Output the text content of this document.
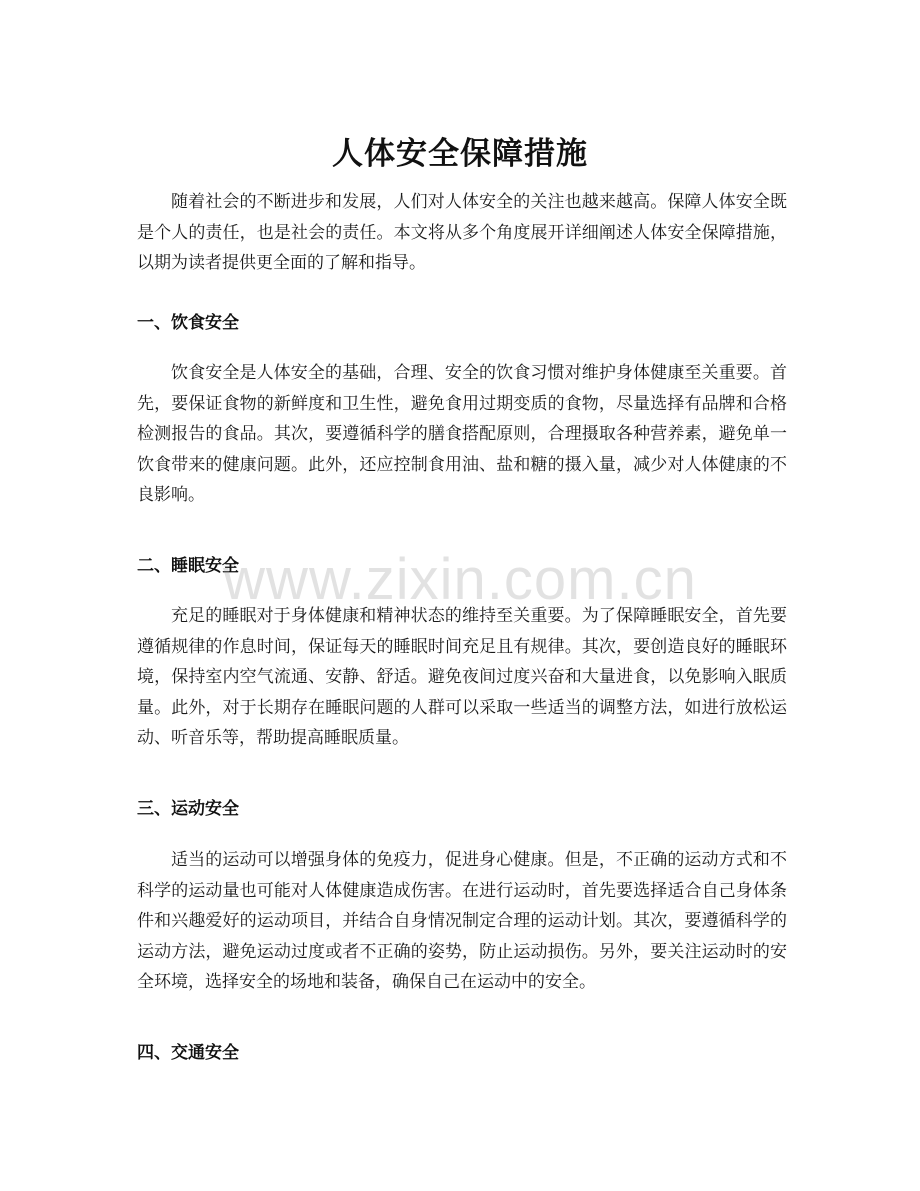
人体安全保障措施

随着社会的不断进步和发展，人们对人体安全的关注也越来越高。保障人体安全既是个人的责任，也是社会的责任。本文将从多个角度展开详细阐述人体安全保障措施，以期为读者提供更全面的了解和指导。

一、饮食安全

饮食安全是人体安全的基础，合理、安全的饮食习惯对维护身体健康至关重要。首先，要保证食物的新鲜度和卫生性，避免食用过期变质的食物，尽量选择有品牌和合格检测报告的食品。其次，要遵循科学的膳食搭配原则，合理摄取各种营养素，避免单一饮食带来的健康问题。此外，还应控制食用油、盐和糖的摄入量，减少对人体健康的不良影响。

二、睡眠安全

充足的睡眠对于身体健康和精神状态的维持至关重要。为了保障睡眠安全，首先要遵循规律的作息时间，保证每天的睡眠时间充足且有规律。其次，要创造良好的睡眠环境，保持室内空气流通、安静、舒适。避免夜间过度兴奋和大量进食，以免影响入眠质量。此外，对于长期存在睡眠问题的人群可以采取一些适当的调整方法，如进行放松运动、听音乐等，帮助提高睡眠质量。

三、运动安全

适当的运动可以增强身体的免疫力，促进身心健康。但是，不正确的运动方式和不科学的运动量也可能对人体健康造成伤害。在进行运动时，首先要选择适合自己身体条件和兴趣爱好的运动项目，并结合自身情况制定合理的运动计划。其次，要遵循科学的运动方法，避免运动过度或者不正确的姿势，防止运动损伤。另外，要关注运动时的安全环境，选择安全的场地和装备，确保自己在运动中的安全。

四、交通安全
www.zixin.com.cn
